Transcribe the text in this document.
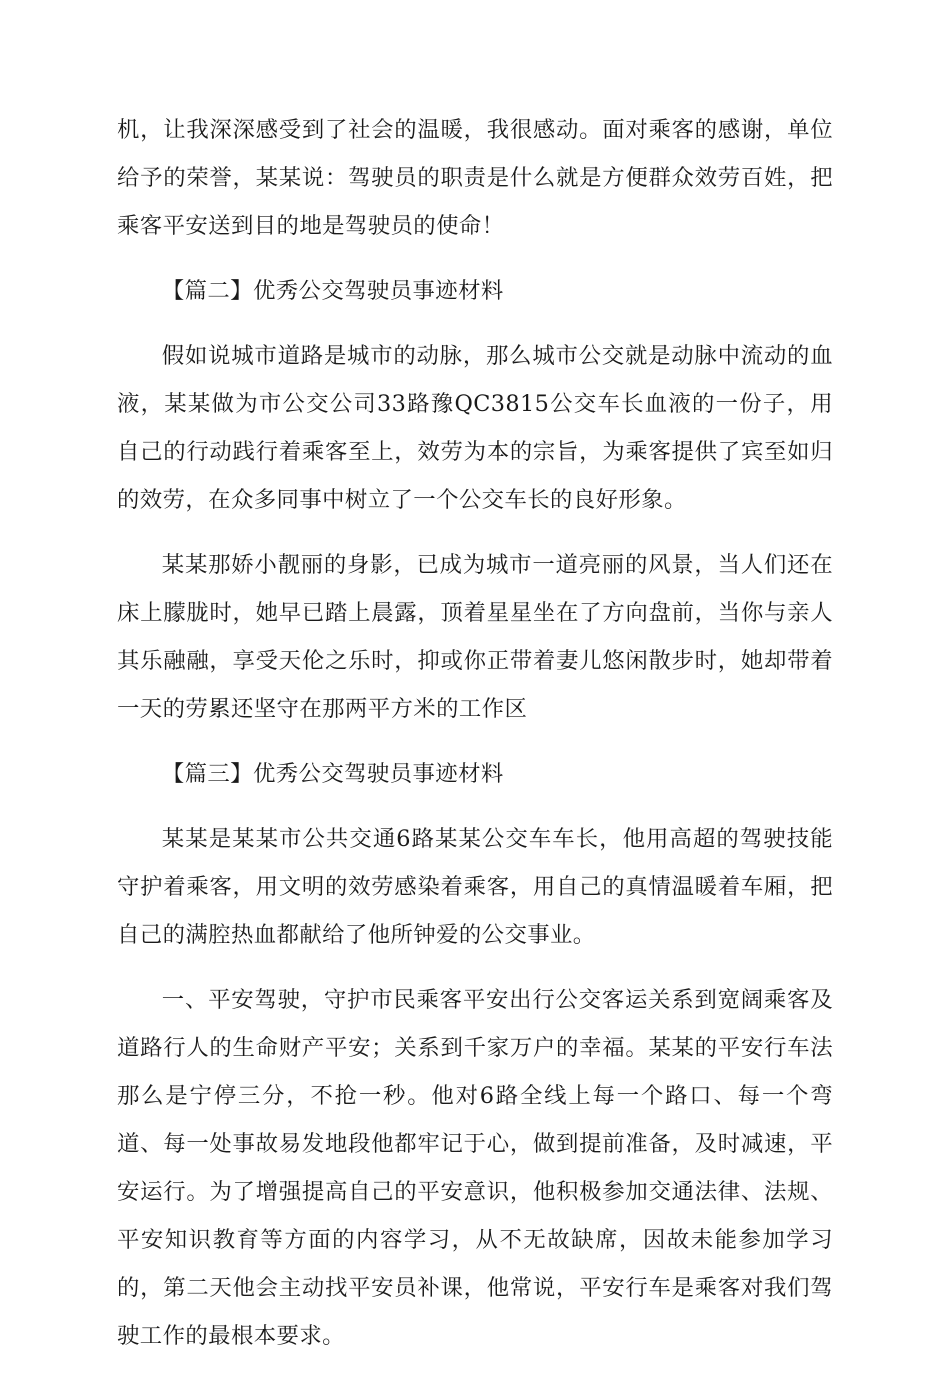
机，让我深深感受到了社会的温暖，我很感动。面对乘客的感谢，单位给予的荣誉，某某说：驾驶员的职责是什么就是方便群众效劳百姓，把乘客平安送到目的地是驾驶员的使命！

【篇二】优秀公交驾驶员事迹材料

假如说城市道路是城市的动脉，那么城市公交就是动脉中流动的血液，某某做为市公交公司33路豫QC3815公交车长血液的一份子，用自己的行动践行着乘客至上，效劳为本的宗旨，为乘客提供了宾至如归的效劳，在众多同事中树立了一个公交车长的良好形象。

某某那娇小靓丽的身影，已成为城市一道亮丽的风景，当人们还在床上朦胧时，她早已踏上晨露，顶着星星坐在了方向盘前，当你与亲人其乐融融，享受天伦之乐时，抑或你正带着妻儿悠闲散步时，她却带着一天的劳累还坚守在那两平方米的工作区

【篇三】优秀公交驾驶员事迹材料

某某是某某市公共交通6路某某公交车车长，他用高超的驾驶技能守护着乘客，用文明的效劳感染着乘客，用自己的真情温暖着车厢，把自己的满腔热血都献给了他所钟爱的公交事业。

一、平安驾驶，守护市民乘客平安出行公交客运关系到宽阔乘客及道路行人的生命财产平安；关系到千家万户的幸福。某某的平安行车法那么是宁停三分，不抢一秒。他对6路全线上每一个路口、每一个弯道、每一处事故易发地段他都牢记于心，做到提前准备，及时减速，平安运行。为了增强提高自己的平安意识，他积极参加交通法律、法规、平安知识教育等方面的内容学习，从不无故缺席，因故未能参加学习的，第二天他会主动找平安员补课，他常说，平安行车是乘客对我们驾驶工作的最根本要求。
